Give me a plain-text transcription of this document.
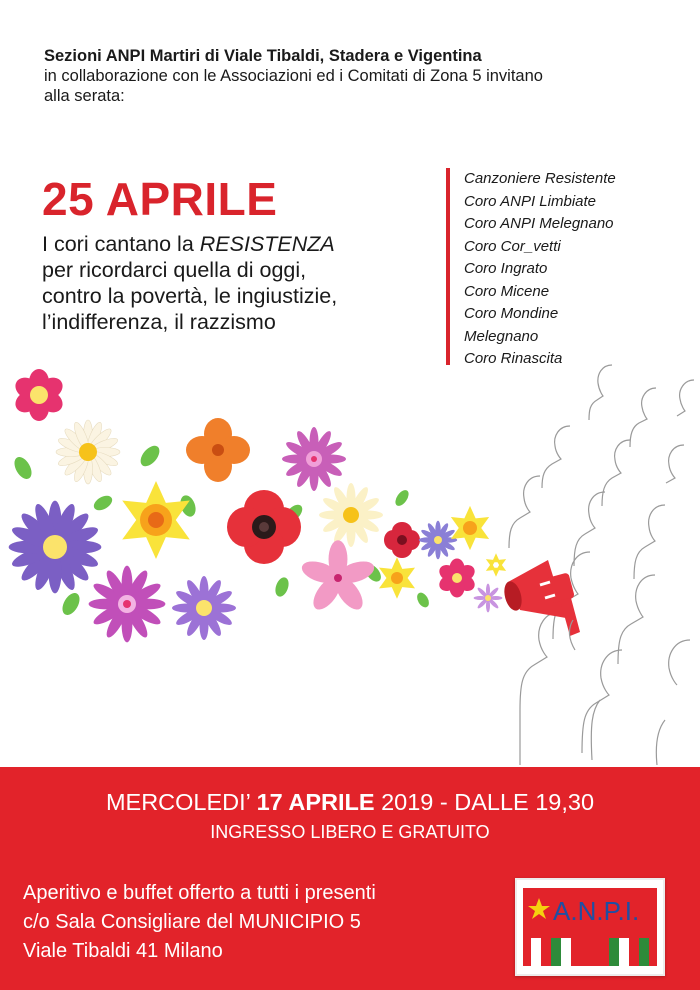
Sezioni ANPI Martiri di Viale Tibaldi, Stadera e Vigentina
in collaborazione con le Associazioni ed i Comitati di Zona 5 invitano
alla serata:
25 APRILE
I cori cantano la RESISTENZA
per ricordarci quella di oggi,
contro la povertà, le ingiustizie,
l’indifferenza, il razzismo
Canzoniere Resistente
Coro ANPI Limbiate
Coro ANPI Melegnano
Coro Cor_vetti
Coro Ingrato
Coro Micene
Coro Mondine
Melegnano
Coro Rinascita
MERCOLEDI’ 17 APRILE 2019 - DALLE 19,30
INGRESSO LIBERO E GRATUITO
Aperitivo e buffet offerto a tutti i presenti
c/o Sala Consigliare del MUNICIPIO 5
Viale Tibaldi 41 Milano
A.N.P.I.
